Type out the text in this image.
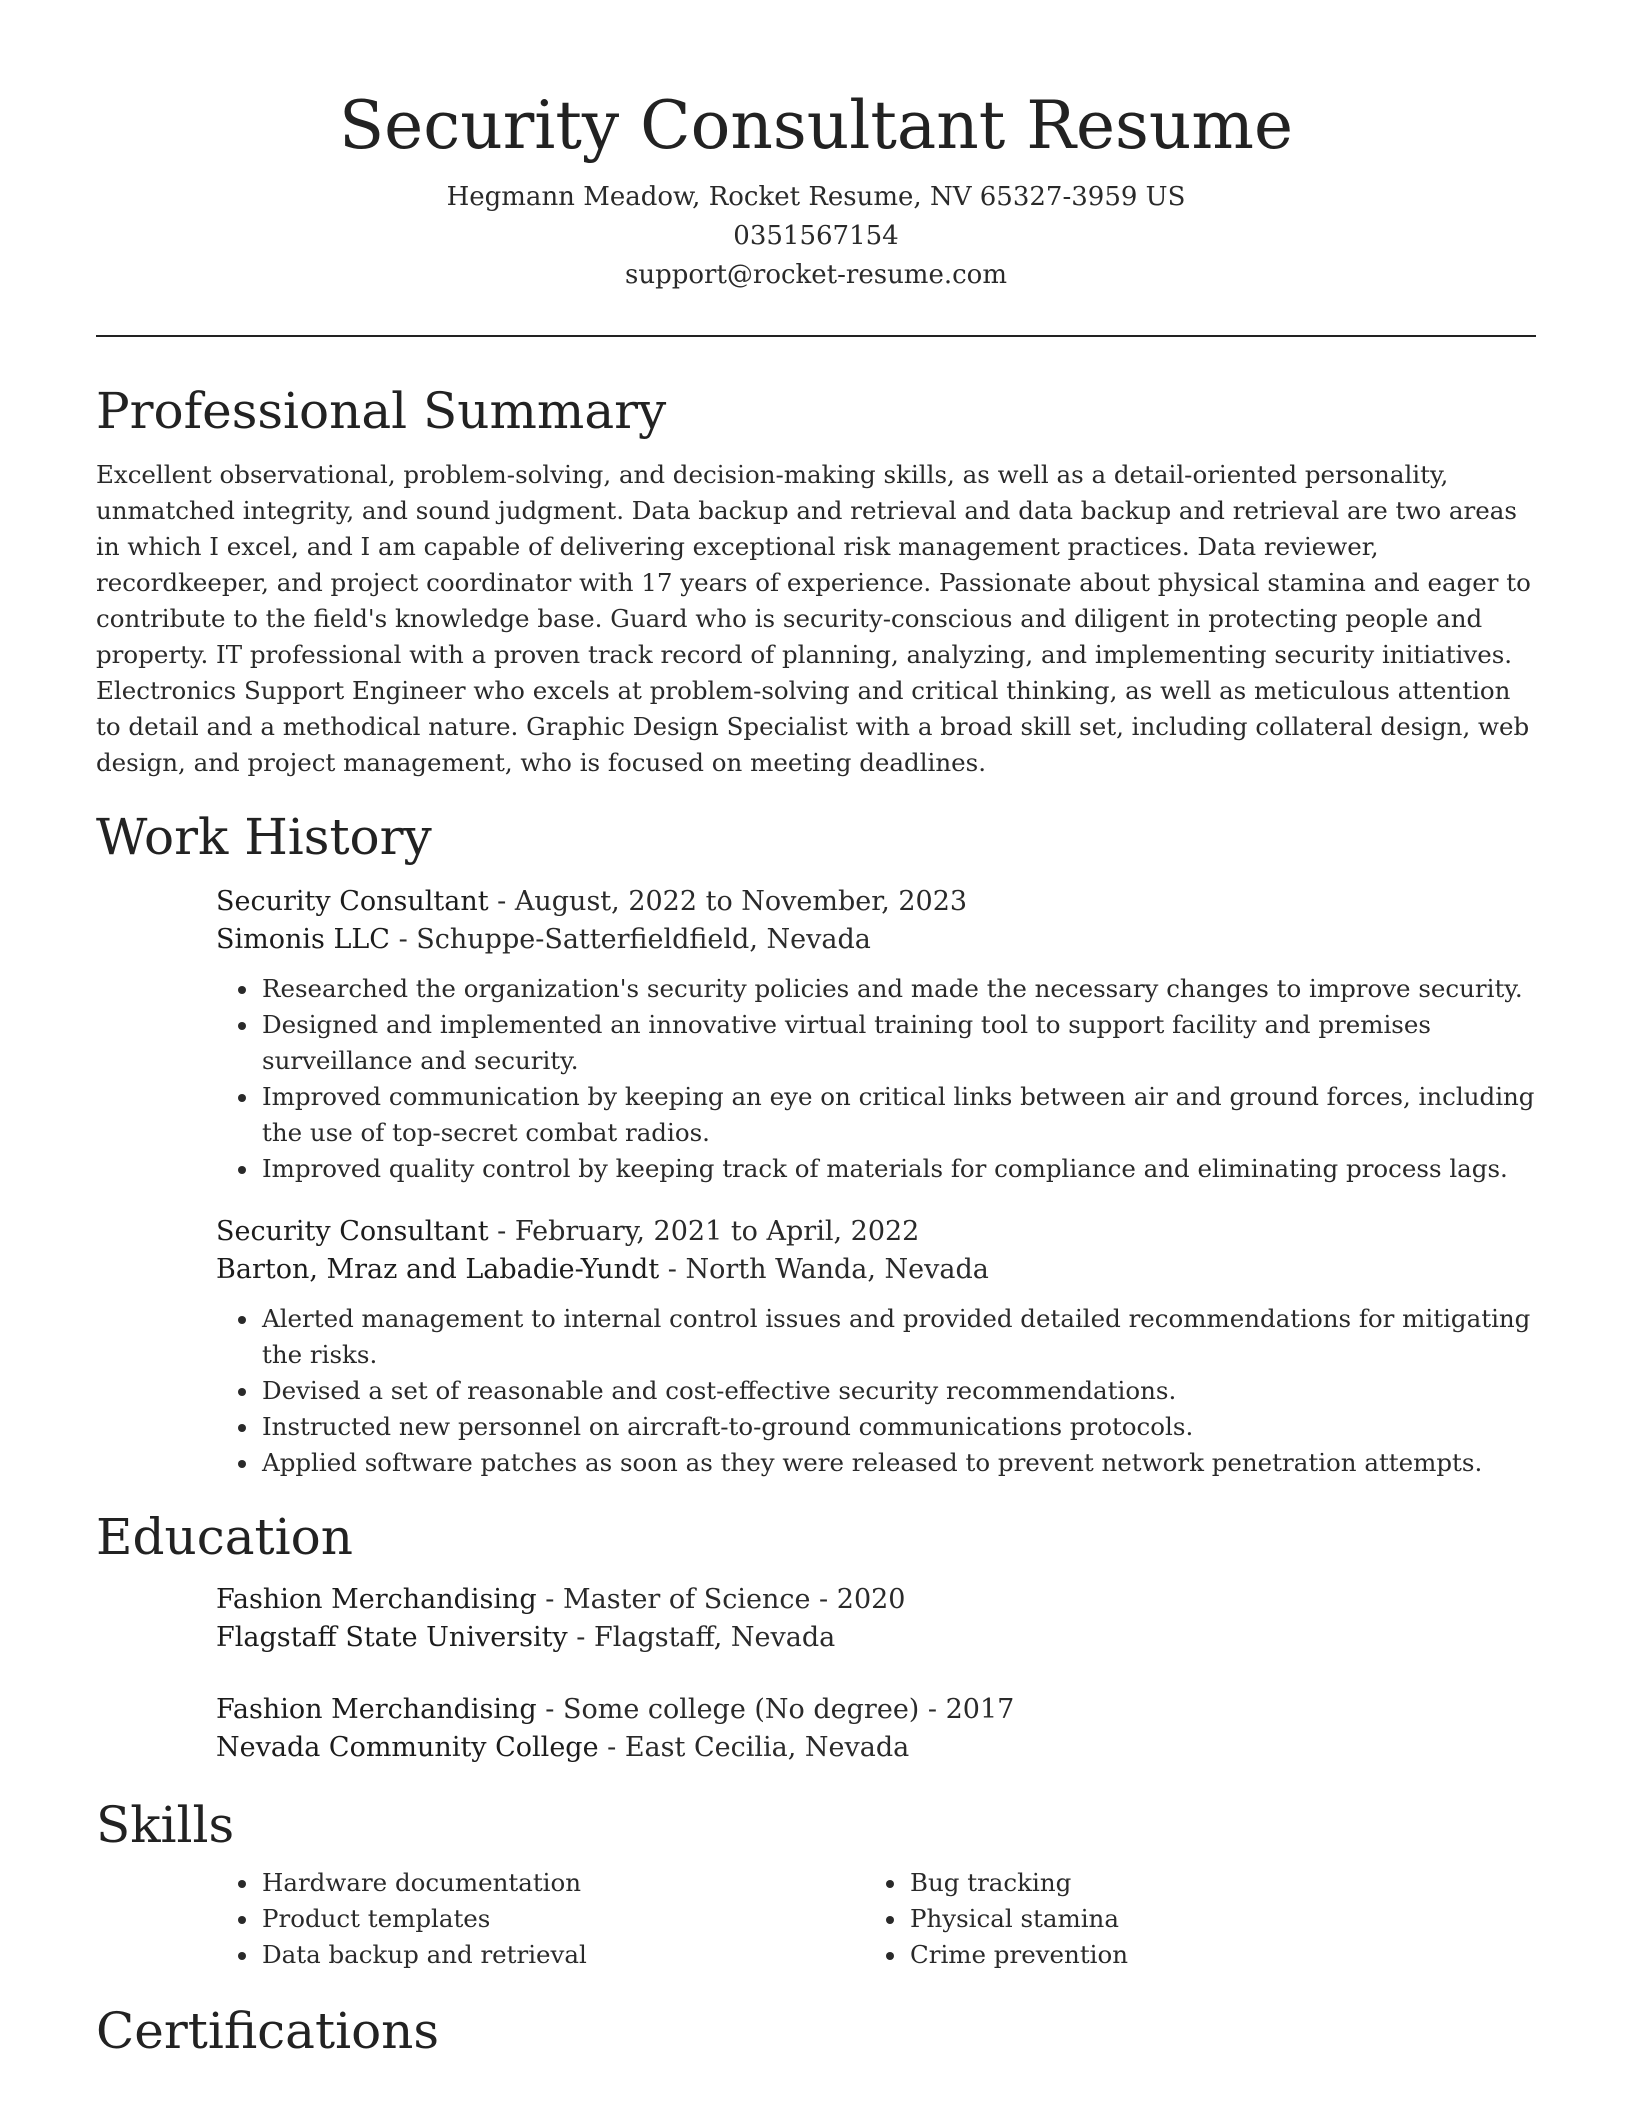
Security Consultant Resume
Hegmann Meadow, Rocket Resume, NV 65327-3959 US
0351567154
support@rocket-resume.com
Professional Summary

Excellent observational, problem-solving, and decision-making skills, as well as a detail-oriented personality, unmatched integrity, and sound judgment. Data backup and retrieval and data backup and retrieval are two areas in which I excel, and I am capable of delivering exceptional risk management practices. Data reviewer, recordkeeper, and project coordinator with 17 years of experience. Passionate about physical stamina and eager to contribute to the field's knowledge base. Guard who is security-conscious and diligent in protecting people and property. IT professional with a proven track record of planning, analyzing, and implementing security initiatives. Electronics Support Engineer who excels at problem-solving and critical thinking, as well as meticulous attention to detail and a methodical nature. Graphic Design Specialist with a broad skill set, including collateral design, web design, and project management, who is focused on meeting deadlines.

Work History
Security Consultant - August, 2022 to November, 2023
Simonis LLC - Schuppe-Satterfieldfield, Nevada
• Researched the organization's security policies and made the necessary changes to improve security.
• Designed and implemented an innovative virtual training tool to support facility and premises surveillance and security.
• Improved communication by keeping an eye on critical links between air and ground forces, including the use of top-secret combat radios.
• Improved quality control by keeping track of materials for compliance and eliminating process lags.
Security Consultant - February, 2021 to April, 2022
Barton, Mraz and Labadie-Yundt - North Wanda, Nevada
• Alerted management to internal control issues and provided detailed recommendations for mitigating the risks.
• Devised a set of reasonable and cost-effective security recommendations.
• Instructed new personnel on aircraft-to-ground communications protocols.
• Applied software patches as soon as they were released to prevent network penetration attempts.
Education
Fashion Merchandising - Master of Science - 2020
Flagstaff State University - Flagstaff, Nevada
Fashion Merchandising - Some college (No degree) - 2017
Nevada Community College - East Cecilia, Nevada
Skills
• Hardware documentation
• Product templates
• Data backup and retrieval
• Bug tracking
• Physical stamina
• Crime prevention
Certifications
